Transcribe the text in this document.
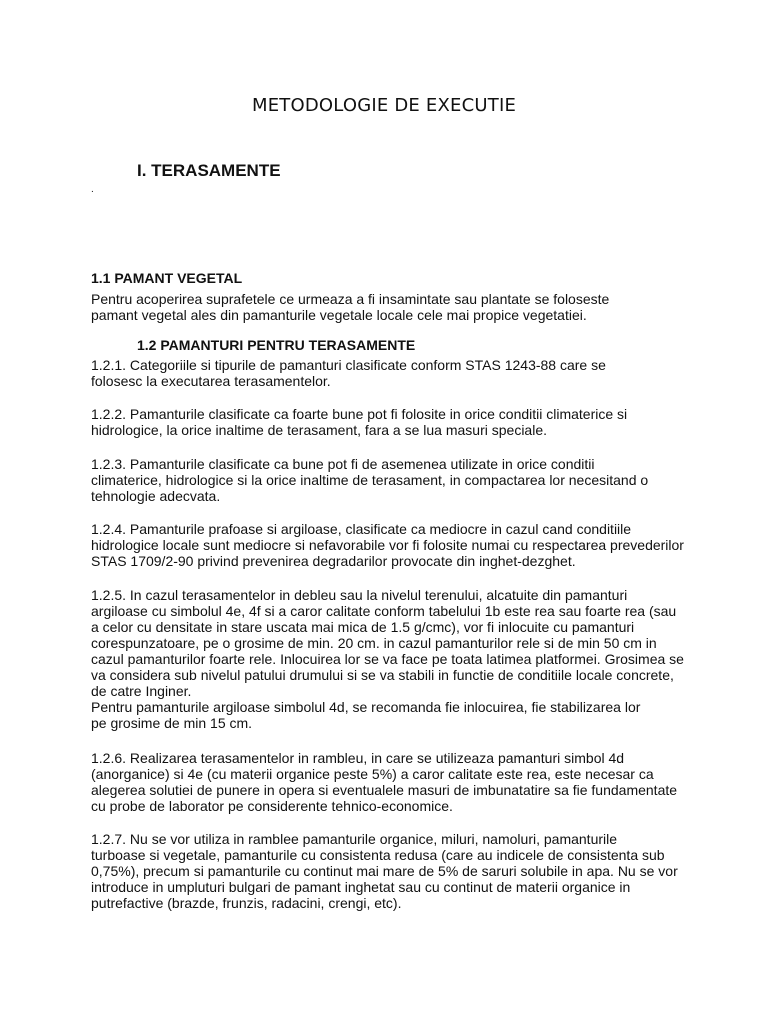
METODOLOGIE DE EXECUTIE
I. TERASAMENTE
.
1.1 PAMANT VEGETAL

Pentru acoperirea suprafetele ce urmeaza a fi insamintate sau plantate se foloseste
pamant vegetal ales din pamanturile vegetale locale cele mai propice vegetatiei.

1.2 PAMANTURI PENTRU TERASAMENTE

1.2.1. Categoriile si tipurile de pamanturi clasificate conform STAS 1243-88 care se
folosesc la executarea terasamentelor.

1.2.2. Pamanturile clasificate ca foarte bune pot fi folosite in orice conditii climaterice si
hidrologice, la orice inaltime de terasament, fara a se lua masuri speciale.

1.2.3. Pamanturile clasificate ca bune pot fi de asemenea utilizate in orice conditii
climaterice, hidrologice si la orice inaltime de terasament, in compactarea lor necesitand o
tehnologie adecvata.

1.2.4. Pamanturile prafoase si argiloase, clasificate ca mediocre in cazul cand conditiile
hidrologice locale sunt mediocre si nefavorabile vor fi folosite numai cu respectarea prevederilor
STAS 1709/2-90 privind prevenirea degradarilor provocate din inghet-dezghet.

1.2.5. In cazul terasamentelor in debleu sau la nivelul terenului, alcatuite din pamanturi
argiloase cu simbolul 4e, 4f si a caror calitate conform tabelului 1b este rea sau foarte rea (sau
a celor cu densitate in stare uscata mai mica de 1.5 g/cmc), vor fi inlocuite cu pamanturi
corespunzatoare, pe o grosime de min. 20 cm. in cazul pamanturilor rele si de min 50 cm in
cazul pamanturilor foarte rele. Inlocuirea lor se va face pe toata latimea platformei. Grosimea se
va considera sub nivelul patului drumului si se va stabili in functie de conditiile locale concrete,
de catre Inginer.
Pentru pamanturile argiloase simbolul 4d, se recomanda fie inlocuirea, fie stabilizarea lor
pe grosime de min 15 cm.

1.2.6. Realizarea terasamentelor in rambleu, in care se utilizeaza pamanturi simbol 4d
(anorganice) si 4e (cu materii organice peste 5%) a caror calitate este rea, este necesar ca
alegerea solutiei de punere in opera si eventualele masuri de imbunatatire sa fie fundamentate
cu probe de laborator pe considerente tehnico-economice.

1.2.7. Nu se vor utiliza in ramblee pamanturile organice, miluri, namoluri, pamanturile
turboase si vegetale, pamanturile cu consistenta redusa (care au indicele de consistenta sub
0,75%), precum si pamanturile cu continut mai mare de 5% de saruri solubile in apa. Nu se vor
introduce in umpluturi bulgari de pamant inghetat sau cu continut de materii organice in
putrefactive (brazde, frunzis, radacini, crengi, etc).
